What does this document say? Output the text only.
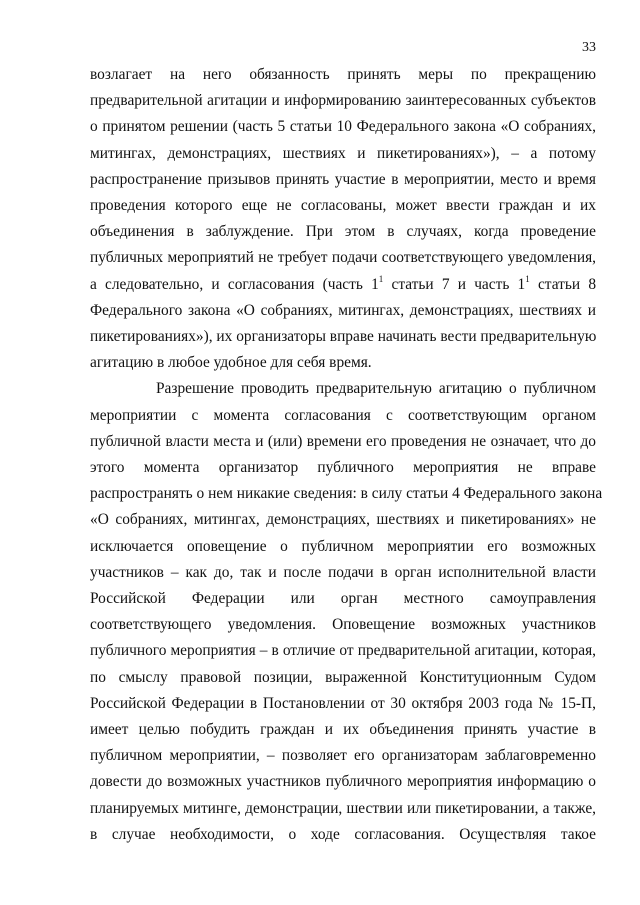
33
возлагает на него обязанность принять меры по прекращению
предварительной агитации и информированию заинтересованных субъектов
о принятом решении (часть 5 статьи 10 Федерального закона «О собраниях,
митингах, демонстрациях, шествиях и пикетированиях»), – а потому
распространение призывов принять участие в мероприятии, место и время
проведения которого еще не согласованы, может ввести граждан и их
объединения в заблуждение. При этом в случаях, когда проведение
публичных мероприятий не требует подачи соответствующего уведомления,
а следовательно, и согласования (часть $1^1$ статьи 7 и часть $1^1$ статьи 8
Федерального закона «О собраниях, митингах, демонстрациях, шествиях и
пикетированиях»), их организаторы вправе начинать вести предварительную
агитацию в любое удобное для себя время.
Разрешение проводить предварительную агитацию о публичном
мероприятии с момента согласования с соответствующим органом
публичной власти места и (или) времени его проведения не означает, что до
этого момента организатор публичного мероприятия не вправе
распространять о нем никакие сведения: в силу статьи 4 Федерального закона
«О собраниях, митингах, демонстрациях, шествиях и пикетированиях» не
исключается оповещение о публичном мероприятии его возможных
участников – как до, так и после подачи в орган исполнительной власти
Российской Федерации или орган местного самоуправления
соответствующего уведомления. Оповещение возможных участников
публичного мероприятия – в отличие от предварительной агитации, которая,
по смыслу правовой позиции, выраженной Конституционным Судом
Российской Федерации в Постановлении от 30 октября 2003 года № 15-П,
имеет целью побудить граждан и их объединения принять участие в
публичном мероприятии, – позволяет его организаторам заблаговременно
довести до возможных участников публичного мероприятия информацию о
планируемых митинге, демонстрации, шествии или пикетировании, а также,
в случае необходимости, о ходе согласования. Осуществляя такое
